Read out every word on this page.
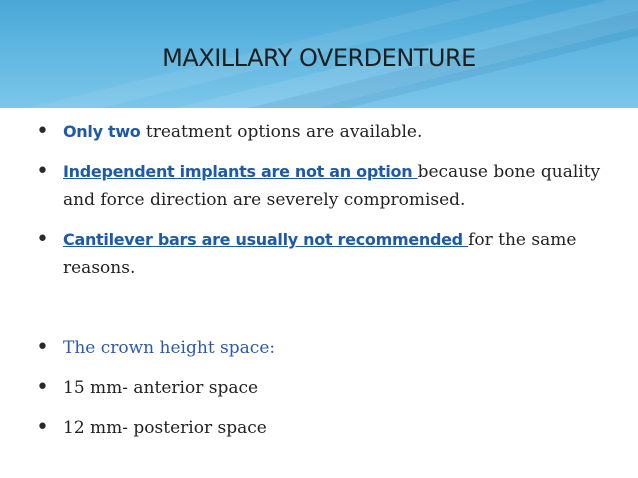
MAXILLARY OVERDENTURE
• Only two treatment options are available.
• Independent implants are not an option because bone quality and force direction are severely compromised.
• Cantilever bars are usually not recommended for the same reasons.
• The crown height space:
• 15 mm- anterior space
• 12 mm- posterior space
